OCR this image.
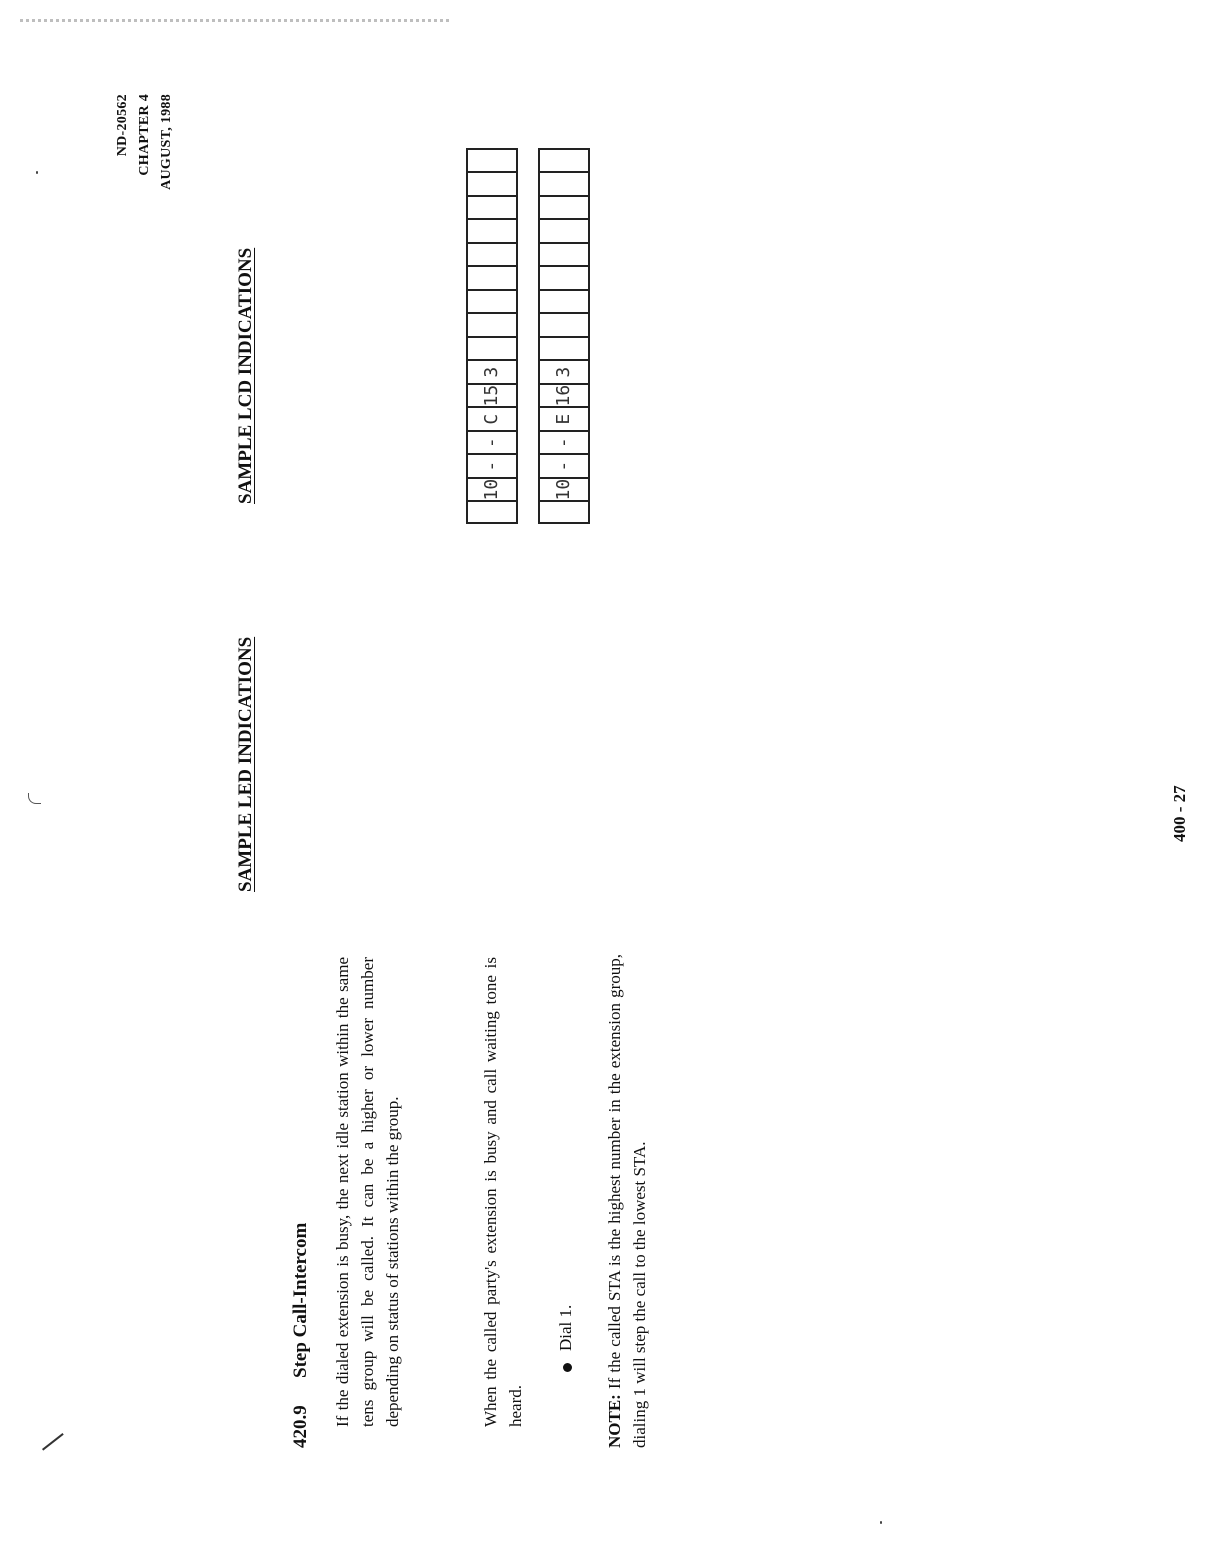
ND-20562 CHAPTER 4 AUGUST, 1988
420.9Step Call-Intercom If the dialed extension is busy, the next idle station within the same tens group will be called. It can be a higher or lower number depending on status of stations within the group.	When the called party's extension is busy and call waiting tone is heard.
Dial 1.
NOTE: If the called STA is the highest number in the extension group, dialing 1 will step the call to the lowest STA.
SAMPLE LED INDICATIONS
SAMPLE LCD INDICATIONS	10
-
-
C
15
3
10
-
-
E
16
3
400 - 27
